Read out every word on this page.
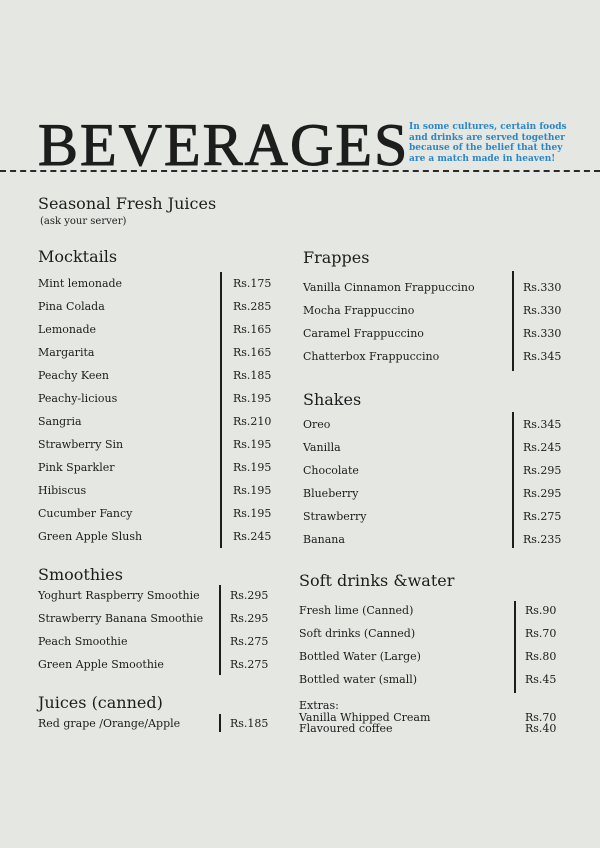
BEVERAGES In some cultures, certain foods
and drinks are served together
because of the belief that they
are a match made in heaven!
Seasonal Fresh Juices
(ask your server)
Mocktails
Mint lemonade	Rs.175
Pina Colada	Rs.285
Lemonade	Rs.165
Margarita	Rs.165
Peachy Keen	Rs.185
Peachy-licious	Rs.195
Sangria	Rs.210
Strawberry Sin	Rs.195
Pink Sparkler	Rs.195
Hibiscus	Rs.195
Cucumber Fancy	Rs.195
Green Apple Slush	Rs.245
Smoothies
Yoghurt Raspberry Smoothie	Rs.295
Strawberry Banana Smoothie Rs.295
Peach Smoothie	Rs.275
Green Apple Smoothie	Rs.275
Juices (canned)
Red grape /Orange/Apple	Rs.185
Frappes
Vanilla Cinnamon Frappuccino	Rs.330
Mocha Frappuccino	Rs.330
Caramel Frappuccino	Rs.330
Chatterbox Frappuccino	Rs.345
Shakes
Oreo	Rs.345
Vanilla	Rs.245
Chocolate	Rs.295
Blueberry	Rs.295
Strawberry	Rs.275
Banana	Rs.235
Soft drinks &water
Fresh lime (Canned)	Rs.90
Soft drinks (Canned)	Rs.70
Bottled Water (Large)	Rs.80
Bottled water (small)	Rs.45
Extras:
Vanilla Whipped Cream	Rs.70
Flavoured coffee	Rs.40
